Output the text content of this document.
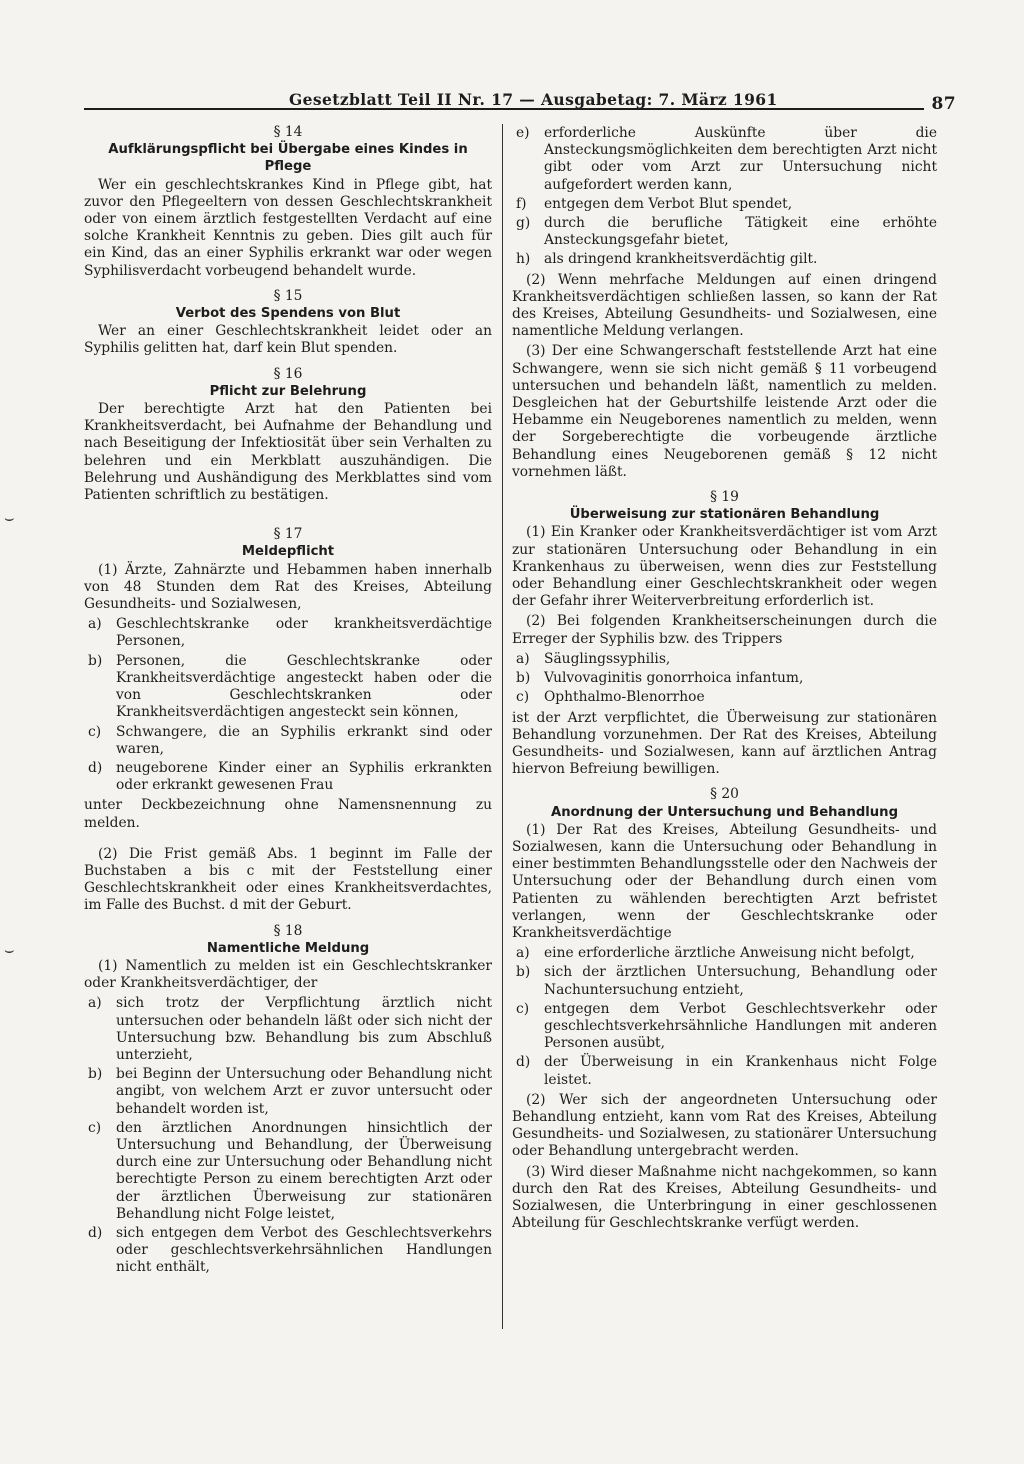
Gesetzblatt Teil II Nr. 17 — Ausgabetag: 7. März 1961	87
⌣
⌣
§ 14
Aufklärungspflicht bei Übergabe eines Kindes in Pflege
Wer ein geschlechtskrankes Kind in Pflege gibt, hat zuvor den Pflegeeltern von dessen Geschlechtskrankheit oder von einem ärztlich festgestellten Verdacht auf eine solche Krankheit Kenntnis zu geben. Dies gilt auch für ein Kind, das an einer Syphilis erkrankt war oder wegen Syphilisverdacht vorbeugend behandelt wurde.
§ 15
Verbot des Spendens von Blut
Wer an einer Geschlechtskrankheit leidet oder an Syphilis gelitten hat, darf kein Blut spenden.
§ 16
Pflicht zur Belehrung
Der berechtigte Arzt hat den Patienten bei Krankheitsverdacht, bei Aufnahme der Behandlung und nach Beseitigung der Infektiosität über sein Verhalten zu belehren und ein Merkblatt auszuhändigen. Die Belehrung und Aushändigung des Merkblattes sind vom Patienten schriftlich zu bestätigen.
§ 17
Meldepflicht
(1) Ärzte, Zahnärzte und Hebammen haben innerhalb von 48 Stunden dem Rat des Kreises, Abteilung Gesundheits- und Sozialwesen,
a)	Geschlechtskranke oder krankheitsverdächtige Personen,
b) Personen, die Geschlechtskranke oder Krankheitsverdächtige angesteckt haben oder die von Geschlechtskranken oder Krankheitsverdächtigen angesteckt sein können,
c)	Schwangere, die an Syphilis erkrankt sind oder waren,
d) neugeborene Kinder einer an Syphilis erkrankten oder erkrankt gewesenen Frau
unter Deckbezeichnung ohne Namensnennung zu melden.
(2) Die Frist gemäß Abs. 1 beginnt im Falle der Buchstaben a bis c mit der Feststellung einer Geschlechtskrankheit oder eines Krankheitsverdachtes, im Falle des Buchst. d mit der Geburt.
§ 18
Namentliche Meldung
(1) Namentlich zu melden ist ein Geschlechtskranker oder Krankheitsverdächtiger, der
a)	sich trotz der Verpflichtung ärztlich nicht untersuchen oder behandeln läßt oder sich nicht der Untersuchung bzw. Behandlung bis zum Abschluß unterzieht,
b) bei Beginn der Untersuchung oder Behandlung nicht angibt, von welchem Arzt er zuvor untersucht oder behandelt worden ist,
c)	den ärztlichen Anordnungen hinsichtlich der Untersuchung und Behandlung, der Überweisung durch eine zur Untersuchung oder Behandlung nicht berechtigte Person zu einem berechtigten Arzt oder der ärztlichen Überweisung zur stationären Behandlung nicht Folge leistet,
d) sich entgegen dem Verbot des Geschlechtsverkehrs oder geschlechtsverkehrsähnlichen Handlungen nicht enthält,
e)	erforderliche Auskünfte über die Ansteckungsmöglichkeiten dem berechtigten Arzt nicht gibt oder vom Arzt zur Untersuchung nicht aufgefordert werden kann,
f)	entgegen dem Verbot Blut spendet,
g) durch die berufliche Tätigkeit eine erhöhte Ansteckungsgefahr bietet,
h) als dringend krankheitsverdächtig gilt.
(2) Wenn mehrfache Meldungen auf einen dringend Krankheitsverdächtigen schließen lassen, so kann der Rat des Kreises, Abteilung Gesundheits- und Sozialwesen, eine namentliche Meldung verlangen.
(3) Der eine Schwangerschaft feststellende Arzt hat eine Schwangere, wenn sie sich nicht gemäß § 11 vorbeugend untersuchen und behandeln läßt, namentlich zu melden. Desgleichen hat der Geburtshilfe leistende Arzt oder die Hebamme ein Neugeborenes namentlich zu melden, wenn der Sorgeberechtigte die vorbeugende ärztliche Behandlung eines Neugeborenen gemäß § 12 nicht vornehmen läßt.
§ 19
Überweisung zur stationären Behandlung
(1) Ein Kranker oder Krankheitsverdächtiger ist vom Arzt zur stationären Untersuchung oder Behandlung in ein Krankenhaus zu überweisen, wenn dies zur Feststellung oder Behandlung einer Geschlechtskrankheit oder wegen der Gefahr ihrer Weiterverbreitung erforderlich ist.
(2) Bei folgenden Krankheitserscheinungen durch die Erreger der Syphilis bzw. des Trippers
a)	Säuglingssyphilis,
b) Vulvovaginitis gonorrhoica infantum,
c)	Ophthalmo-Blenorrhoe
ist der Arzt verpflichtet, die Überweisung zur stationären Behandlung vorzunehmen. Der Rat des Kreises, Abteilung Gesundheits- und Sozialwesen, kann auf ärztlichen Antrag hiervon Befreiung bewilligen.
§ 20
Anordnung der Untersuchung und Behandlung
(1) Der Rat des Kreises, Abteilung Gesundheits- und Sozialwesen, kann die Untersuchung oder Behandlung in einer bestimmten Behandlungsstelle oder den Nachweis der Untersuchung oder der Behandlung durch einen vom Patienten zu wählenden berechtigten Arzt befristet verlangen, wenn der Geschlechtskranke oder Krankheitsverdächtige
a)	eine erforderliche ärztliche Anweisung nicht befolgt,
b) sich der ärztlichen Untersuchung, Behandlung oder Nachuntersuchung entzieht,
c)	entgegen dem Verbot Geschlechtsverkehr oder geschlechtsverkehrsähnliche Handlungen mit anderen Personen ausübt,
d) der Überweisung in ein Krankenhaus nicht Folge leistet.
(2) Wer sich der angeordneten Untersuchung oder Behandlung entzieht, kann vom Rat des Kreises, Abteilung Gesundheits- und Sozialwesen, zu stationärer Untersuchung oder Behandlung untergebracht werden.
(3) Wird dieser Maßnahme nicht nachgekommen, so kann durch den Rat des Kreises, Abteilung Gesundheits- und Sozialwesen, die Unterbringung in einer geschlossenen Abteilung für Geschlechtskranke verfügt werden.
